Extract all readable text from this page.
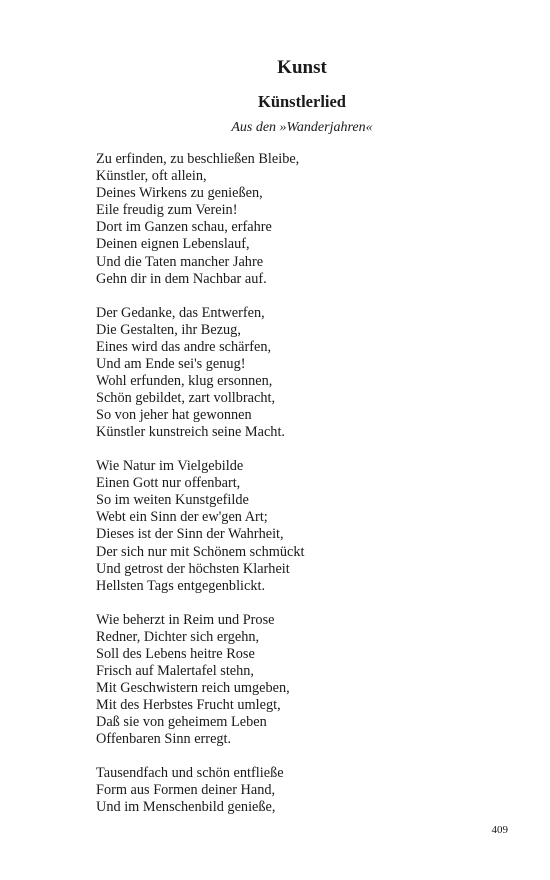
Kunst
Künstlerlied

Aus den »Wanderjahren«

Zu erfinden, zu beschließen Bleibe,
Künstler, oft allein,
Deines Wirkens zu genießen,
Eile freudig zum Verein!
Dort im Ganzen schau, erfahre
Deinen eignen Lebenslauf,
Und die Taten mancher Jahre
Gehn dir in dem Nachbar auf.

Der Gedanke, das Entwerfen,
Die Gestalten, ihr Bezug,
Eines wird das andre schärfen,
Und am Ende sei's genug!
Wohl erfunden, klug ersonnen,
Schön gebildet, zart vollbracht,
So von jeher hat gewonnen
Künstler kunstreich seine Macht.

Wie Natur im Vielgebilde
Einen Gott nur offenbart,
So im weiten Kunstgefilde
Webt ein Sinn der ew'gen Art;
Dieses ist der Sinn der Wahrheit,
Der sich nur mit Schönem schmückt
Und getrost der höchsten Klarheit
Hellsten Tags entgegenblickt.

Wie beherzt in Reim und Prose
Redner, Dichter sich ergehn,
Soll des Lebens heitre Rose
Frisch auf Malertafel stehn,
Mit Geschwistern reich umgeben,
Mit des Herbstes Frucht umlegt,
Daß sie von geheimem Leben
Offenbaren Sinn erregt.

Tausendfach und schön entfließe
Form aus Formen deiner Hand,
Und im Menschenbild genieße,

409
